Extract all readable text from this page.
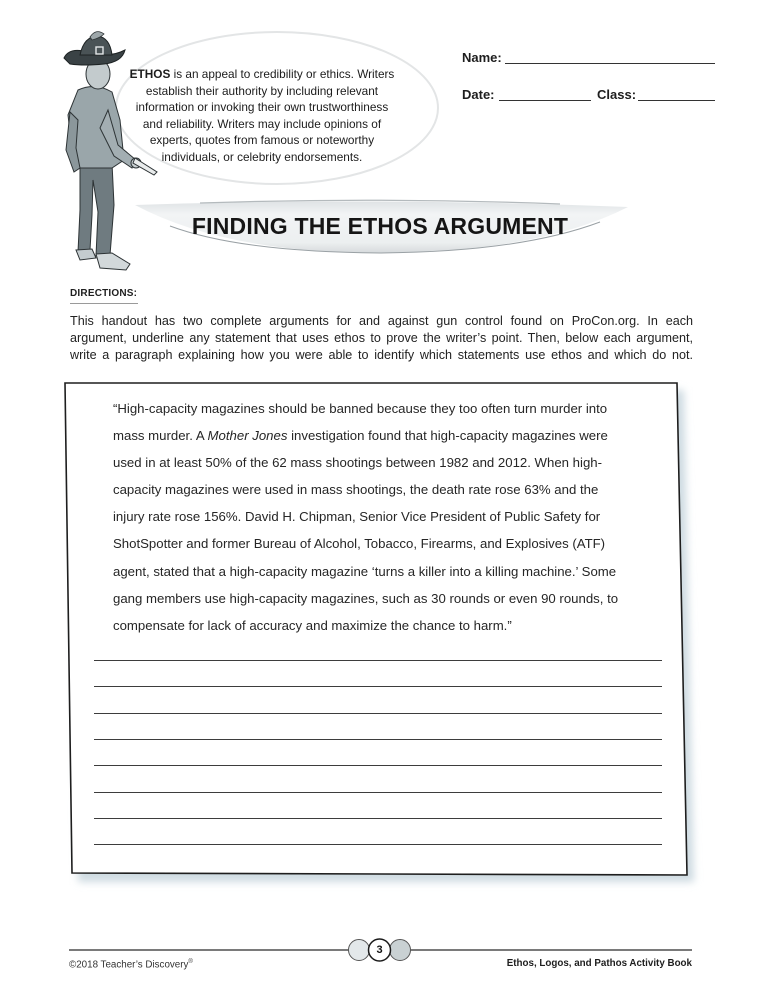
Name:
Date:	Class:
ETHOS is an appeal to credibility or ethics. Writers
establish their authority by including relevant
information or invoking their own trustworthiness
and reliability. Writers may include opinions of
experts, quotes from famous or noteworthy
individuals, or celebrity endorsements.
FINDING THE ETHOS ARGUMENT
DIRECTIONS:
This handout has two complete arguments for and against gun control found on ProCon.org. In each
argument, underline any statement that uses ethos to prove the writer’s point. Then, below each argument,
write a paragraph explaining how you were able to identify which statements use ethos and which do not.
“High-capacity magazines should be banned because they too often turn murder into
mass murder. A Mother Jones investigation found that high-capacity magazines were
used in at least 50% of the 62 mass shootings between 1982 and 2012. When high-
capacity magazines were used in mass shootings, the death rate rose 63% and the
injury rate rose 156%. David H. Chipman, Senior Vice President of Public Safety for
ShotSpotter and former Bureau of Alcohol, Tobacco, Firearms, and Explosives (ATF)
agent, stated that a high-capacity magazine ‘turns a killer into a killing machine.’ Some
gang members use high-capacity magazines, such as 30 rounds or even 90 rounds, to
compensate for lack of accuracy and maximize the chance to harm.”
©2018 Teacher’s Discovery®
3
Ethos, Logos, and Pathos Activity Book
